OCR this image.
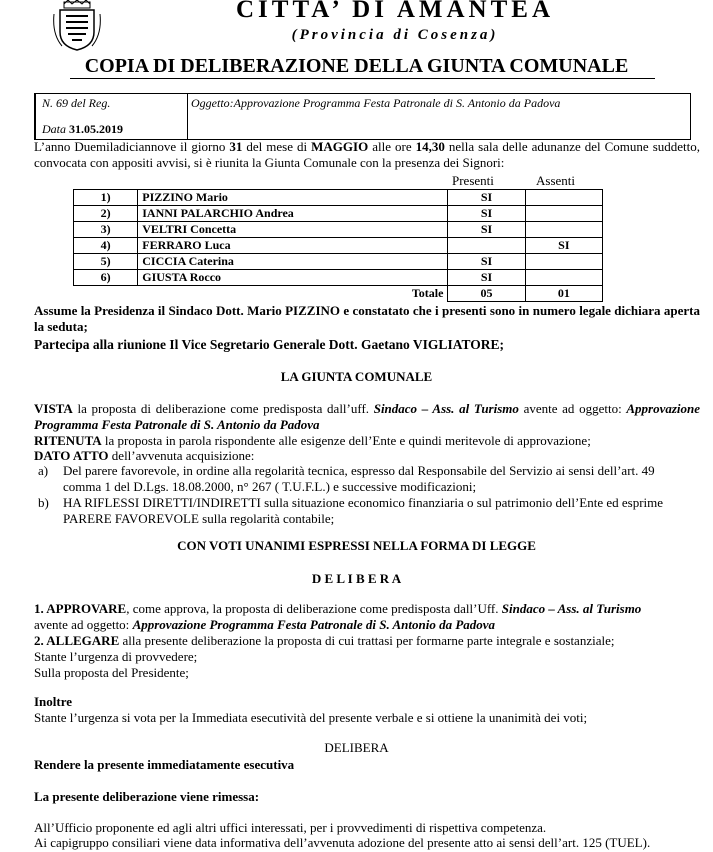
CITTA’ DI AMANTEA
(Provincia di Cosenza)
COPIA DI DELIBERAZIONE DELLA GIUNTA COMUNALE
N. 69 del Reg.
Data 31.05.2019
Oggetto:Approvazione Programma Festa Patronale di S. Antonio da Padova
L’anno Duemiladiciannove il giorno 31 del mese di MAGGIO alle ore 14,30 nella sala delle adunanze del Comune suddetto, convocata con appositi avvisi, si è riunita la Giunta Comunale con la presenza dei Signori:
Presenti	Assenti
1)	PIZZINO Mario	SI	
2)	IANNI PALARCHIO Andrea	SI	
3)	VELTRI Concetta	SI	
4)	FERRARO Luca		SI
5)	CICCIA Caterina	SI	
6)	GIUSTA Rocco	SI	
	Totale	05	01
Assume la Presidenza il Sindaco Dott. Mario PIZZINO e constatato che i presenti sono in numero legale dichiara aperta la seduta;
Partecipa alla riunione Il Vice Segretario Generale Dott. Gaetano VIGLIATORE;
LA GIUNTA COMUNALE
VISTA la proposta di deliberazione come predisposta dall’uff. Sindaco – Ass. al Turismo avente ad oggetto: Approvazione Programma Festa Patronale di S. Antonio da Padova
RITENUTA la proposta in parola rispondente alle esigenze dell’Ente e quindi meritevole di approvazione;
DATO ATTO dell’avvenuta acquisizione:
a) Del parere favorevole, in ordine alla regolarità tecnica, espresso dal Responsabile del Servizio ai sensi dell’art. 49 comma 1 del D.Lgs. 18.08.2000, n° 267 ( T.U.F.L.) e successive modificazioni;
b) HA RIFLESSI DIRETTI/INDIRETTI sulla situazione economico finanziaria o sul patrimonio dell’Ente ed esprime PARERE FAVOREVOLE sulla regolarità contabile;
CON VOTI UNANIMI ESPRESSI NELLA FORMA DI LEGGE
D E L I B E R A
1. APPROVARE, come approva, la proposta di deliberazione come predisposta dall’Uff. Sindaco – Ass. al Turismo
avente ad oggetto: Approvazione Programma Festa Patronale di S. Antonio da Padova
2. ALLEGARE alla presente deliberazione la proposta di cui trattasi per formarne parte integrale e sostanziale;
Stante l’urgenza di provvedere;
Sulla proposta del Presidente;
Inoltre
Stante l’urgenza si vota per la Immediata esecutività del presente verbale e si ottiene la unanimità dei voti;
DELIBERA
Rendere la presente immediatamente esecutiva
La presente deliberazione viene rimessa:
All’Ufficio proponente ed agli altri uffici interessati, per i provvedimenti di rispettiva competenza.
Ai capigruppo consiliari viene data informativa dell’avvenuta adozione del presente atto ai sensi dell’art. 125 (TUEL).
